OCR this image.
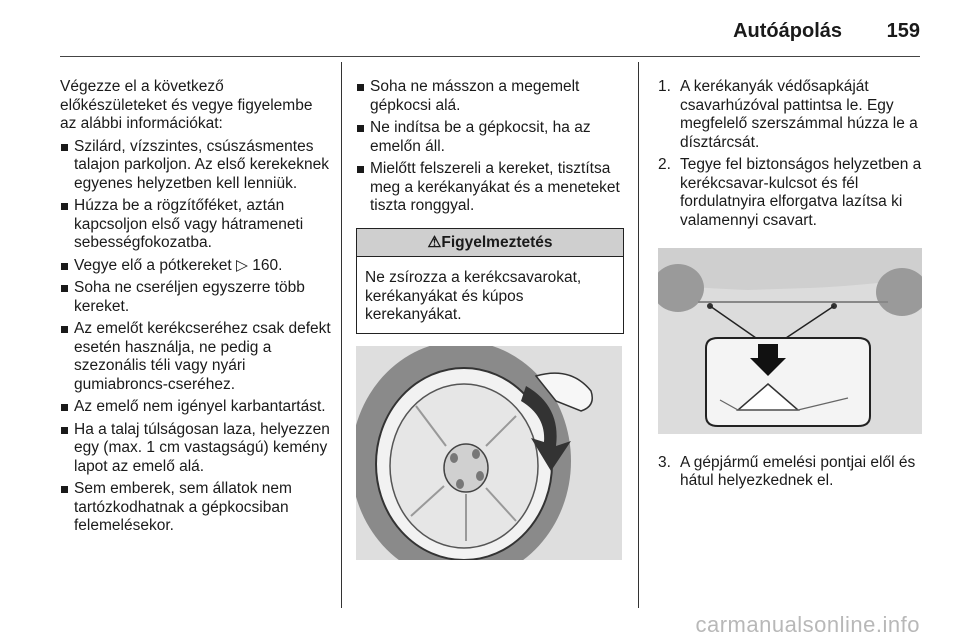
Autóápolás 159
Végezze el a következő előkészületeket és vegye figyelembe az alábbi információkat:
Szilárd, vízszintes, csúszásmentes talajon parkoljon. Az első kerekeknek egyenes helyzetben kell lenniük.
Húzza be a rögzítőféket, aztán kapcsoljon első vagy hátrameneti sebességfokozatba.
Vegye elő a pótkereket ▷ 160.
Soha ne cseréljen egyszerre több kereket.
Az emelőt kerékcseréhez csak defekt esetén használja, ne pedig a szezonális téli vagy nyári gumiabroncs-cseréhez.
Az emelő nem igényel karbantartást.
Ha a talaj túlságosan laza, helyezzen egy (max. 1 cm vastagságú) kemény lapot az emelő alá.
Sem emberek, sem állatok nem tartózkodhatnak a gépkocsiban felemelésekor.
Soha ne másszon a megemelt gépkocsi alá.
Ne indítsa be a gépkocsit, ha az emelőn áll.
Mielőtt felszereli a kereket, tisztítsa meg a kerékanyákat és a meneteket tiszta ronggyal.
⚠Figyelmeztetés
Ne zsírozza a kerékcsavarokat, kerékanyákat és kúpos kerekanyákat.
1. A kerékanyák védősapkáját csavarhúzóval pattintsa le. Egy megfelelő szerszámmal húzza le a dísztárcsát.
2. Tegye fel biztonságos helyzetben a kerékcsavar-kulcsot és fél fordulatnyira elforgatva lazítsa ki valamennyi csavart.
3. A gépjármű emelési pontjai elől és hátul helyezkednek el.
carmanualsonline.info
